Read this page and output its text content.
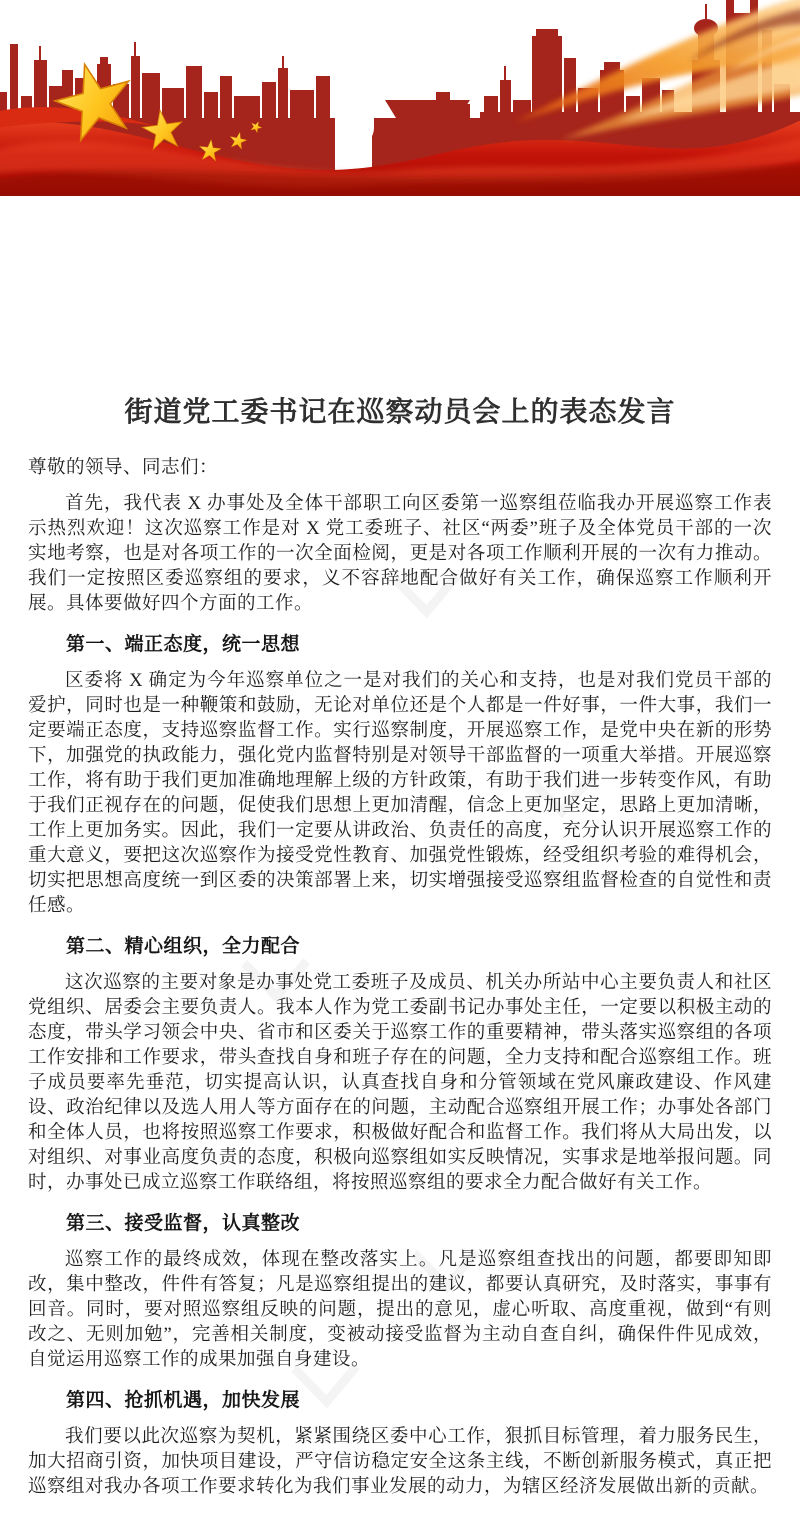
街道党工委书记在巡察动员会上的表态发言

尊敬的领导、同志们：

首先，我代表 X 办事处及全体干部职工向区委第一巡察组莅临我办开展巡察工作表示热烈欢迎！这次巡察工作是对 X 党工委班子、社区“两委”班子及全体党员干部的一次实地考察，也是对各项工作的一次全面检阅，更是对各项工作顺利开展的一次有力推动。我们一定按照区委巡察组的要求，义不容辞地配合做好有关工作，确保巡察工作顺利开展。具体要做好四个方面的工作。

第一、端正态度，统一思想

区委将 X 确定为今年巡察单位之一是对我们的关心和支持，也是对我们党员干部的爱护，同时也是一种鞭策和鼓励，无论对单位还是个人都是一件好事，一件大事，我们一定要端正态度，支持巡察监督工作。实行巡察制度，开展巡察工作，是党中央在新的形势下，加强党的执政能力，强化党内监督特别是对领导干部监督的一项重大举措。开展巡察工作，将有助于我们更加准确地理解上级的方针政策，有助于我们进一步转变作风，有助于我们正视存在的问题，促使我们思想上更加清醒，信念上更加坚定，思路上更加清晰，工作上更加务实。因此，我们一定要从讲政治、负责任的高度，充分认识开展巡察工作的重大意义，要把这次巡察作为接受党性教育、加强党性锻炼，经受组织考验的难得机会，切实把思想高度统一到区委的决策部署上来，切实增强接受巡察组监督检查的自觉性和责任感。

第二、精心组织，全力配合

这次巡察的主要对象是办事处党工委班子及成员、机关办所站中心主要负责人和社区党组织、居委会主要负责人。我本人作为党工委副书记办事处主任，一定要以积极主动的态度，带头学习领会中央、省市和区委关于巡察工作的重要精神，带头落实巡察组的各项工作安排和工作要求，带头查找自身和班子存在的问题，全力支持和配合巡察组工作。班子成员要率先垂范，切实提高认识，认真查找自身和分管领域在党风廉政建设、作风建设、政治纪律以及选人用人等方面存在的问题，主动配合巡察组开展工作；办事处各部门和全体人员，也将按照巡察工作要求，积极做好配合和监督工作。我们将从大局出发，以对组织、对事业高度负责的态度，积极向巡察组如实反映情况，实事求是地举报问题。同时，办事处已成立巡察工作联络组，将按照巡察组的要求全力配合做好有关工作。

第三、接受监督，认真整改

巡察工作的最终成效，体现在整改落实上。凡是巡察组查找出的问题，都要即知即改，集中整改，件件有答复；凡是巡察组提出的建议，都要认真研究，及时落实，事事有回音。同时，要对照巡察组反映的问题，提出的意见，虚心听取、高度重视，做到“有则改之、无则加勉”，完善相关制度，变被动接受监督为主动自查自纠，确保件件见成效，自觉运用巡察工作的成果加强自身建设。

第四、抢抓机遇，加快发展

我们要以此次巡察为契机，紧紧围绕区委中心工作，狠抓目标管理，着力服务民生，加大招商引资，加快项目建设，严守信访稳定安全这条主线，不断创新服务模式，真正把巡察组对我办各项工作要求转化为我们事业发展的动力，为辖区经济发展做出新的贡献。
